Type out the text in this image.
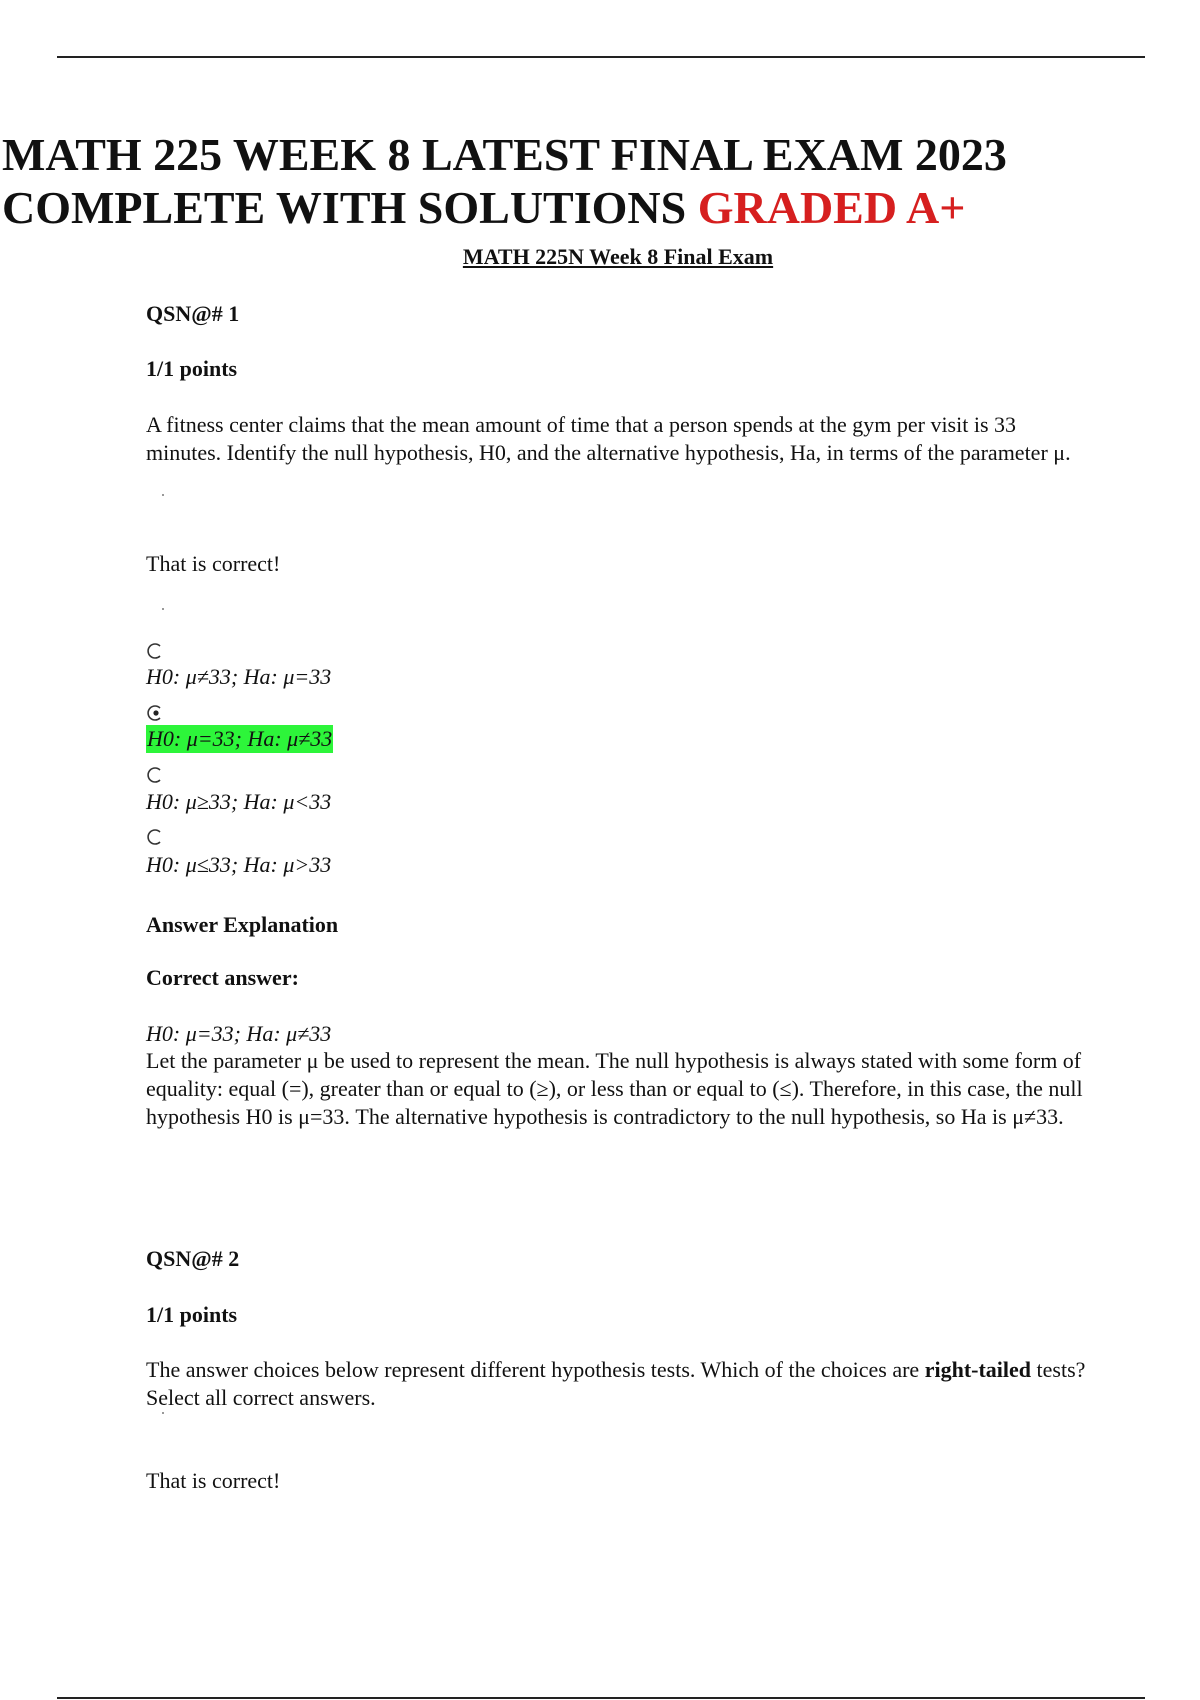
MATH 225 WEEK 8 LATEST FINAL EXAM 2023
COMPLETE WITH SOLUTIONS GRADED A+
MATH 225N Week 8 Final Exam
QSN@# 1
1/1 points
A fitness center claims that the mean amount of time that a person spends at the gym per visit is 33 minutes. Identify the null hypothesis, H0, and the alternative hypothesis, Ha, in terms of the parameter μ.
That is correct!
H0: μ≠33; Ha: μ=33
H0: μ=33; Ha: μ≠33
H0: μ≥33; Ha: μ<33
H0: μ≤33; Ha: μ>33
Answer Explanation
Correct answer:
H0: μ=33; Ha: μ≠33
Let the parameter μ be used to represent the mean. The null hypothesis is always stated with some form of equality: equal (=), greater than or equal to (≥), or less than or equal to (≤). Therefore, in this case, the null hypothesis H0 is μ=33. The alternative hypothesis is contradictory to the null hypothesis, so Ha is μ≠33.
QSN@# 2
1/1 points
The answer choices below represent different hypothesis tests. Which of the choices are right-tailed tests? Select all correct answers.
That is correct!
